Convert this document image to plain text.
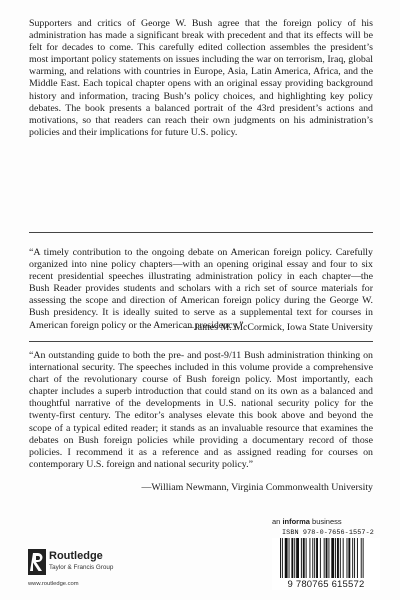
Supporters and critics of George W. Bush agree that the foreign policy of his administration has made a significant break with precedent and that its effects will be felt for decades to come. This carefully edited collection assembles the president’s most important policy statements on issues including the war on terrorism, Iraq, global warming, and relations with countries in Europe, Asia, Latin America, Africa, and the Middle East. Each topical chapter opens with an original essay providing background history and information, tracing Bush’s policy choices, and highlighting key policy debates. The book presents a balanced portrait of the 43rd president’s actions and motivations, so that readers can reach their own judgments on his administration’s policies and their implications for future U.S. policy.

“A timely contribution to the ongoing debate on American foreign policy. Carefully organized into nine policy chapters—with an opening original essay and four to six recent presidential speeches illustrating administration policy in each chapter—the Bush Reader provides students and scholars with a rich set of source materials for assessing the scope and direction of American foreign policy during the George W. Bush presidency. It is ideally suited to serve as a supplemental text for courses in American foreign policy or the American presidency.”

—James M. McCormick, Iowa State University

“An outstanding guide to both the pre- and post-9/11 Bush administration thinking on international security. The speeches included in this volume provide a comprehensive chart of the revolutionary course of Bush foreign policy. Most importantly, each chapter includes a superb introduction that could stand on its own as a balanced and thoughtful narrative of the developments in U.S. national security policy for the twenty-first century. The editor’s analyses elevate this book above and beyond the scope of a typical edited reader; it stands as an invaluable resource that examines the debates on Bush foreign policies while providing a documentary record of those policies. I recommend it as a reference and as assigned reading for courses on contemporary U.S. foreign and national security policy.”

—William Newmann, Virginia Commonwealth University
an informa business
ISBN 978-0-7656-1557-2
9 780765 615572
Routledge
Taylor & Francis Group
www.routledge.com
